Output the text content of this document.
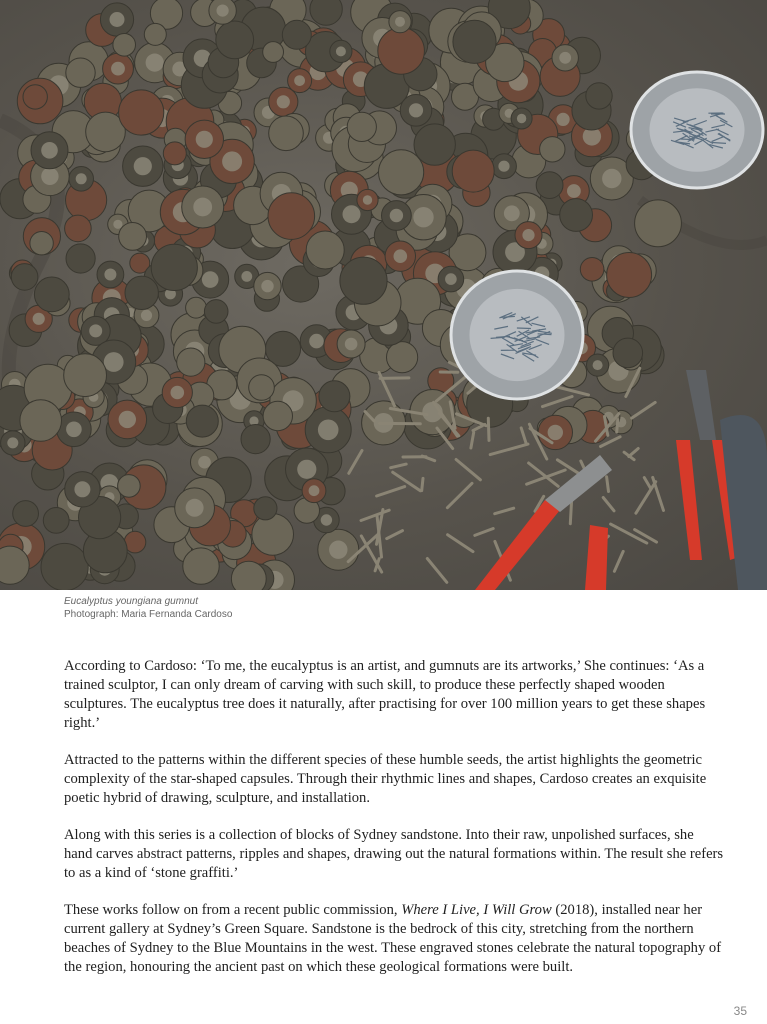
Eucalyptus youngiana gumnut
Photograph: Maria Fernanda Cardoso

According to Cardoso: ‘To me, the eucalyptus is an artist, and gumnuts are its artworks,’ She continues: ‘As a trained sculptor, I can only dream of carving with such skill, to produce these perfectly shaped wooden sculptures. The eucalyptus tree does it naturally, after practising for over 100 million years to get these shapes right.’

Attracted to the patterns within the different species of these humble seeds, the artist highlights the geometric complexity of the star-shaped capsules. Through their rhythmic lines and shapes, Cardoso creates an exquisite poetic hybrid of drawing, sculpture, and installation.

Along with this series is a collection of blocks of Sydney sandstone. Into their raw, unpolished surfaces, she hand carves abstract patterns, ripples and shapes, drawing out the natural formations within. The result she refers to as a kind of ‘stone graffiti.’

These works follow on from a recent public commission, Where I Live, I Will Grow (2018), installed near her current gallery at Sydney’s Green Square. Sandstone is the bedrock of this city, stretching from the northern beaches of Sydney to the Blue Mountains in the west. These engraved stones celebrate the natural topography of the region, honouring the ancient past on which these geological formations were built.

35
